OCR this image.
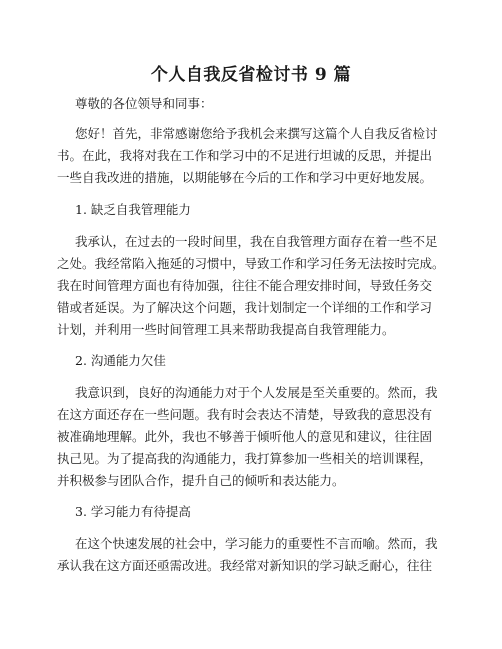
个人自我反省检讨书 9 篇
尊敬的各位领导和同事：
您好！首先，非常感谢您给予我机会来撰写这篇个人自我反省检讨
书。在此，我将对我在工作和学习中的不足进行坦诚的反思，并提出
一些自我改进的措施，以期能够在今后的工作和学习中更好地发展。
1. 缺乏自我管理能力
我承认，在过去的一段时间里，我在自我管理方面存在着一些不足
之处。我经常陷入拖延的习惯中，导致工作和学习任务无法按时完成。
我在时间管理方面也有待加强，往往不能合理安排时间，导致任务交
错或者延误。为了解决这个问题，我计划制定一个详细的工作和学习
计划，并利用一些时间管理工具来帮助我提高自我管理能力。
2. 沟通能力欠佳
我意识到，良好的沟通能力对于个人发展是至关重要的。然而，我
在这方面还存在一些问题。我有时会表达不清楚，导致我的意思没有
被准确地理解。此外，我也不够善于倾听他人的意见和建议，往往固
执己见。为了提高我的沟通能力，我打算参加一些相关的培训课程，
并积极参与团队合作，提升自己的倾听和表达能力。
3. 学习能力有待提高
在这个快速发展的社会中，学习能力的重要性不言而喻。然而，我
承认我在这方面还亟需改进。我经常对新知识的学习缺乏耐心，往往
